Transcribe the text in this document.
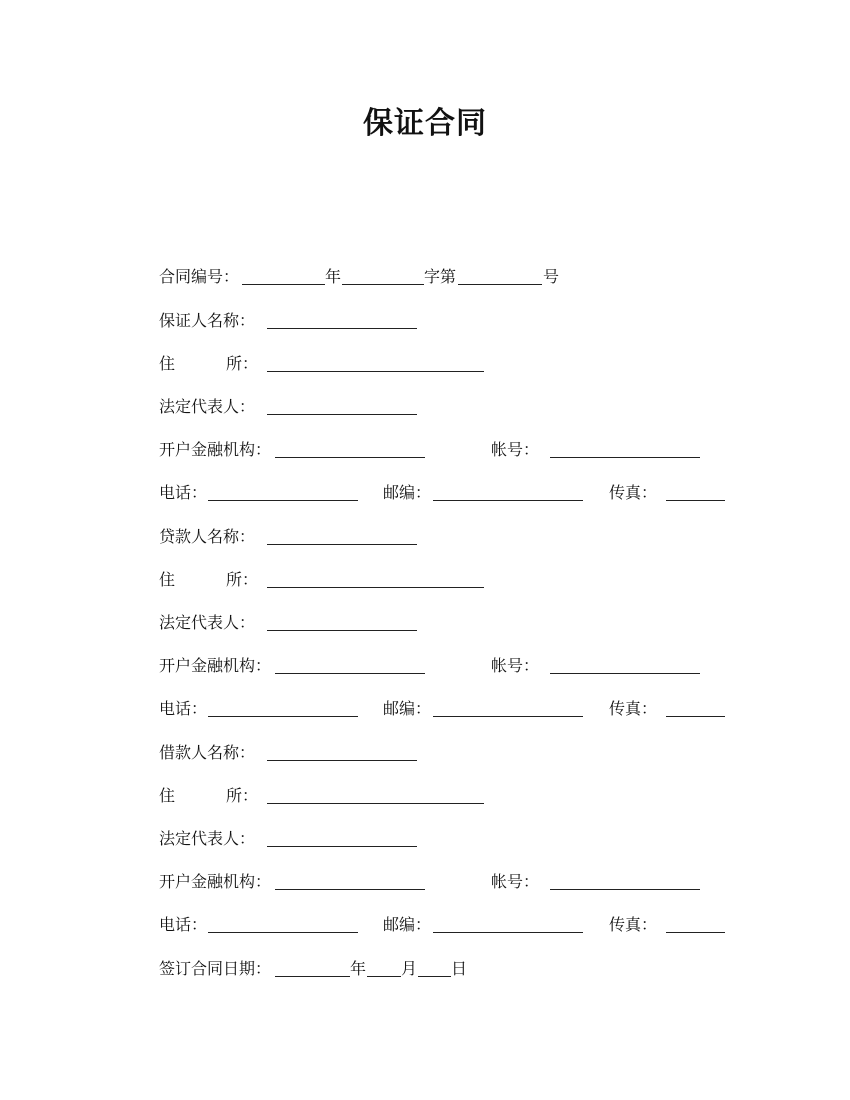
保证合同
合同编号：	年	字第	号
保证人名称：
住	所：
法定代表人：
开户金融机构：	帐号：
电话：	邮编：	传真：
贷款人名称：
住	所：
法定代表人：
开户金融机构：	帐号：
电话：	邮编：	传真：
借款人名称：
住	所：
法定代表人：
开户金融机构：	帐号：
电话：	邮编：	传真：
签订合同日期：	年 月 日
